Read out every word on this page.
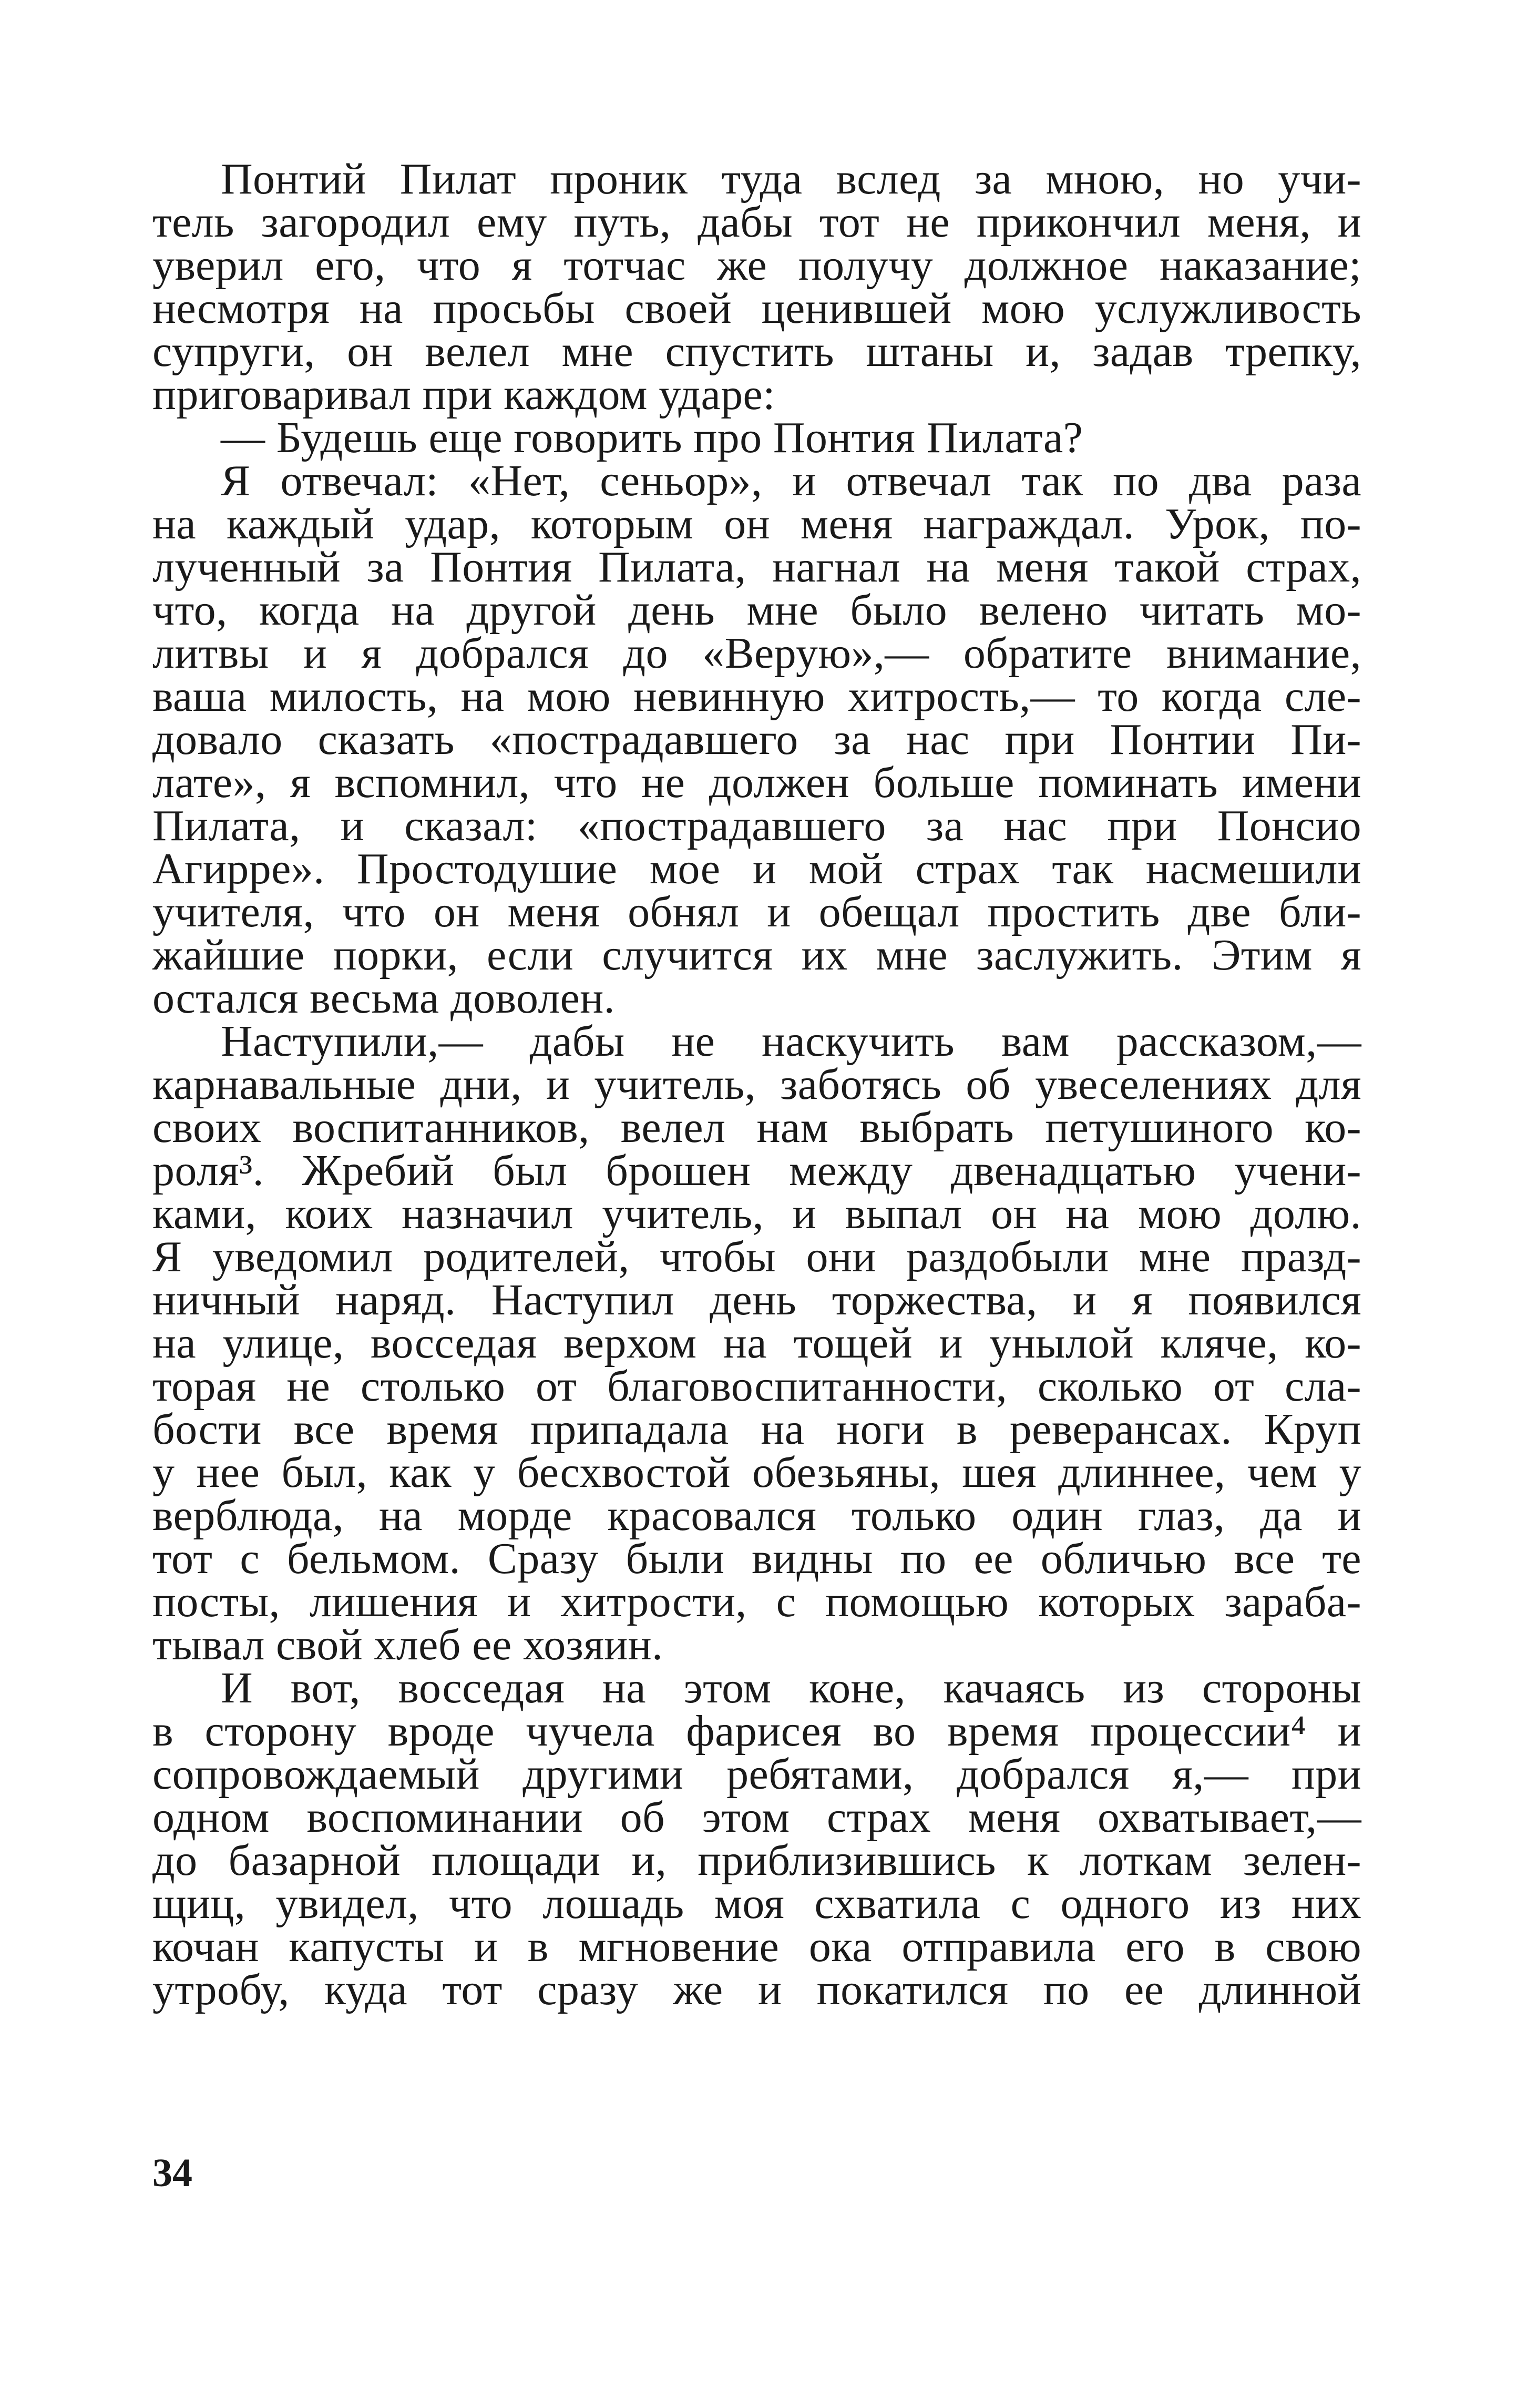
Понтий Пилат проник туда вслед за мною, но учи-
тель загородил ему путь, дабы тот не прикончил меня, и
уверил его, что я тотчас же получу должное наказание;
несмотря на просьбы своей ценившей мою услужливость
супруги, он велел мне спустить штаны и, задав трепку,
приговаривал при каждом ударе:
— Будешь еще говорить про Понтия Пилата?
Я отвечал: «Нет, сеньор», и отвечал так по два раза
на каждый удар, которым он меня награждал. Урок, по-
лученный за Понтия Пилата, нагнал на меня такой страх,
что, когда на другой день мне было велено читать мо-
литвы и я добрался до «Верую»,— обратите внимание,
ваша милость, на мою невинную хитрость,— то когда сле-
довало сказать «пострадавшего за нас при Понтии Пи-
лате», я вспомнил, что не должен больше поминать имени
Пилата, и сказал: «пострадавшего за нас при Понсио
Агирре». Простодушие мое и мой страх так насмешили
учителя, что он меня обнял и обещал простить две бли-
жайшие порки, если случится их мне заслужить. Этим я
остался весьма доволен.
Наступили,— дабы не наскучить вам рассказом,—
карнавальные дни, и учитель, заботясь об увеселениях для
своих воспитанников, велел нам выбрать петушиного ко-
роля³. Жребий был брошен между двенадцатью учени-
ками, коих назначил учитель, и выпал он на мою долю.
Я уведомил родителей, чтобы они раздобыли мне празд-
ничный наряд. Наступил день торжества, и я появился
на улице, восседая верхом на тощей и унылой кляче, ко-
торая не столько от благовоспитанности, сколько от сла-
бости все время припадала на ноги в реверансах. Круп
у нее был, как у бесхвостой обезьяны, шея длиннее, чем у
верблюда, на морде красовался только один глаз, да и
тот с бельмом. Сразу были видны по ее обличью все те
посты, лишения и хитрости, с помощью которых зараба-
тывал свой хлеб ее хозяин.
И вот, восседая на этом коне, качаясь из стороны
в сторону вроде чучела фарисея во время процессии⁴ и
сопровождаемый другими ребятами, добрался я,— при
одном воспоминании об этом страх меня охватывает,—
до базарной площади и, приблизившись к лоткам зелен-
щиц, увидел, что лошадь моя схватила с одного из них
кочан капусты и в мгновение ока отправила его в свою
утробу, куда тот сразу же и покатился по ее длинной
34
